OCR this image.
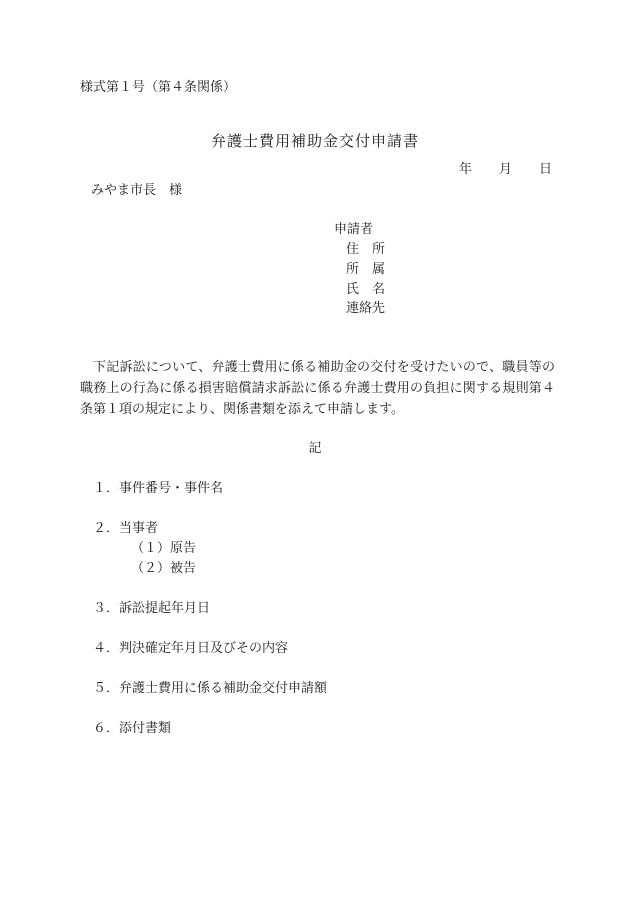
様式第１号（第４条関係）
弁護士費用補助金交付申請書
年 月 日
みやま市長　様
申請者
住所
所属
氏名
連絡先
下記訴訟について、弁護士費用に係る補助金の交付を受けたいので、職員等の職務上の行為に係る損害賠償請求訴訟に係る弁護士費用の負担に関する規則第４条第１項の規定により、関係書類を添えて申請します。
記
１．事件番号・事件名
２．当事者
（１）原告
（２）被告
３．訴訟提起年月日
４．判決確定年月日及びその内容
５．弁護士費用に係る補助金交付申請額
６．添付書類
